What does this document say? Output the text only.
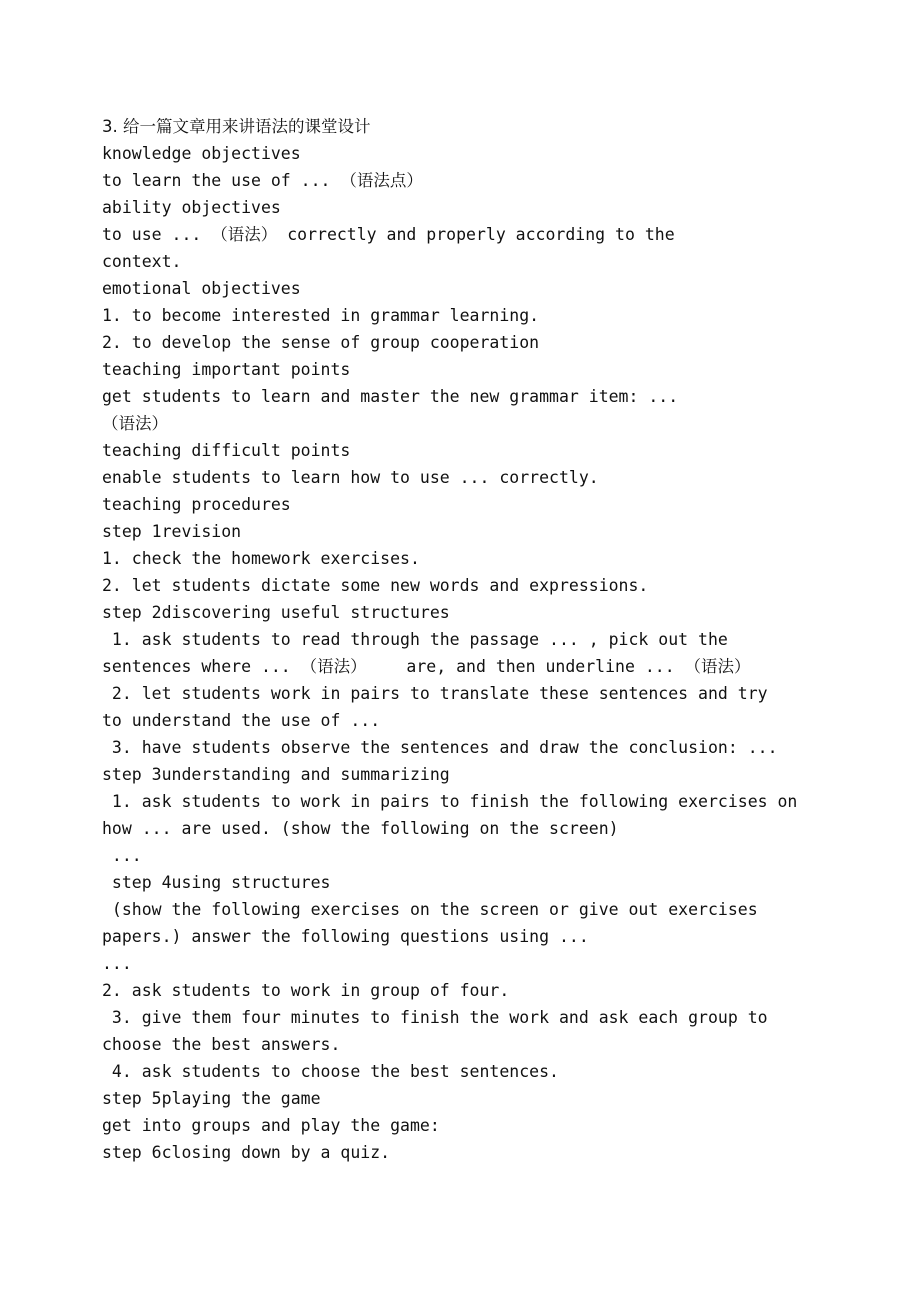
3. 给一篇文章用来讲语法的课堂设计
knowledge objectives
to learn the use of ... （语法点）
ability objectives
to use ... （语法） correctly and properly according to the
context.
emotional objectives
1. to become interested in grammar learning.
2. to develop the sense of group cooperation
teaching important points
get students to learn and master the new grammar item: ...
（语法）
teaching difficult points
enable students to learn how to use ... correctly.
teaching procedures
step 1revision
1. check the homework exercises.
2. let students dictate some new words and expressions.
step 2discovering useful structures
1. ask students to read through the passage ... , pick out the
sentences where ... （语法）    are, and then underline ... （语法）
2. let students work in pairs to translate these sentences and try
to understand the use of ...
3. have students observe the sentences and draw the conclusion: ...
step 3understanding and summarizing
1. ask students to work in pairs to finish the following exercises on
how ... are used. (show the following on the screen)
...
step 4using structures
(show the following exercises on the screen or give out exercises
papers.) answer the following questions using ...
...
2. ask students to work in group of four.
3. give them four minutes to finish the work and ask each group to
choose the best answers.
4. ask students to choose the best sentences.
step 5playing the game
get into groups and play the game:
step 6closing down by a quiz.
